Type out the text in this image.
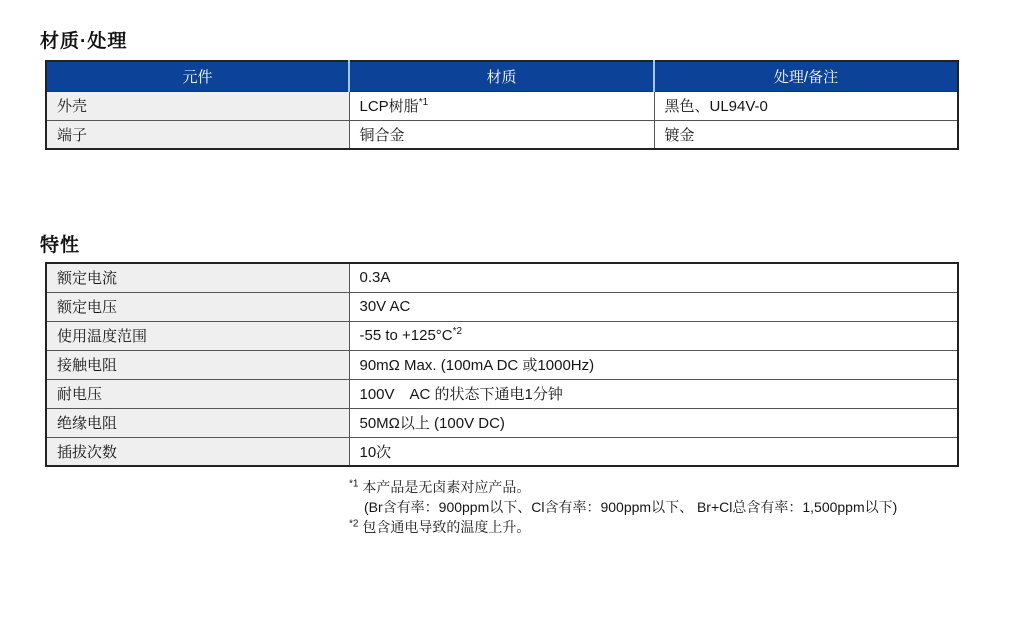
材质·处理
元件	材质	处理/备注
外壳	LCP树脂$^{*1}$	黑色、UL94V-0
端子	铜合金	镀金
特性
额定电流	0.3A
额定电压	30V AC
使用温度范围	-55 to $+125^\circ C^{*2}$
接触电阻	90mΩ Max. (100mA DC 或1000Hz)
耐电压	100V　AC 的状态下通电1分钟
绝缘电阻	50MΩ以上 (100V DC)
插拔次数	10次
$^{*1}$ 本产品是无卤素对应产品。
(Br含有率：900ppm以下、Cl含有率：900ppm以下、 Br+Cl总含有率：1,500ppm以下)
$^{*2}$ 包含通电导致的温度上升。
